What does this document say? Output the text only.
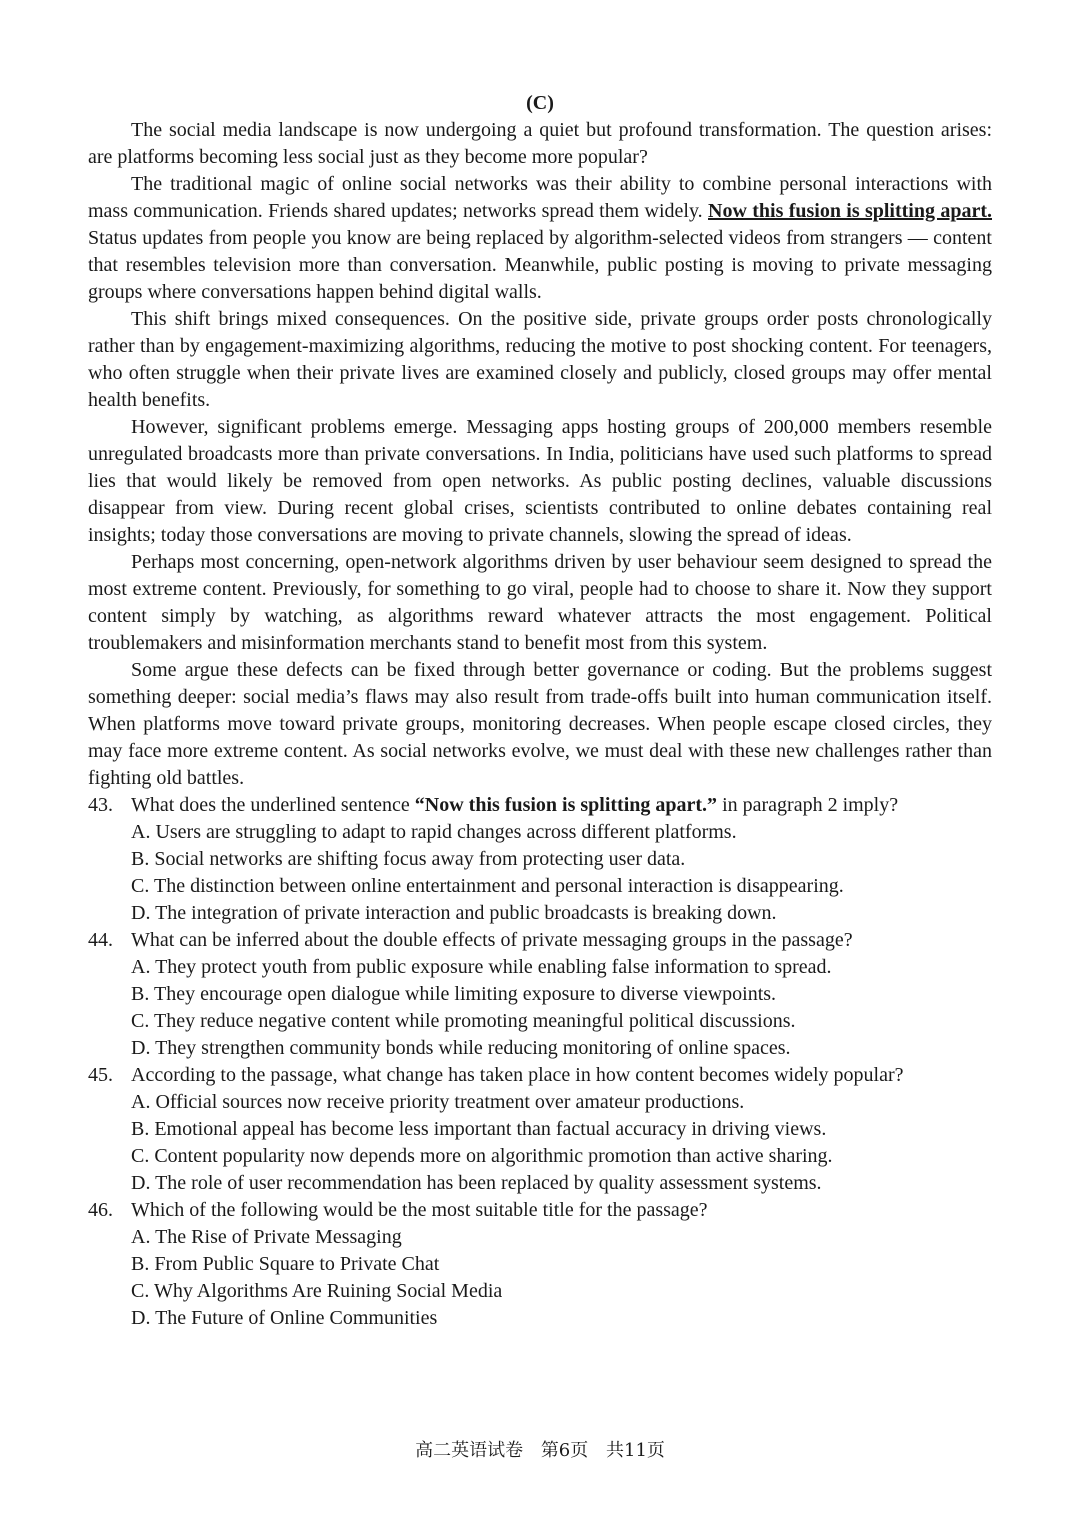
(C)

The social media landscape is now undergoing a quiet but profound transformation. The question arises: are platforms becoming less social just as they become more popular?

The traditional magic of online social networks was their ability to combine personal interactions with mass communication. Friends shared updates; networks spread them widely. Now this fusion is splitting apart. Status updates from people you know are being replaced by algorithm-selected videos from strangers — content that resembles television more than conversation. Meanwhile, public posting is moving to private messaging groups where conversations happen behind digital walls.

This shift brings mixed consequences. On the positive side, private groups order posts chronologically rather than by engagement-maximizing algorithms, reducing the motive to post shocking content. For teenagers, who often struggle when their private lives are examined closely and publicly, closed groups may offer mental health benefits.

However, significant problems emerge. Messaging apps hosting groups of 200,000 members resemble unregulated broadcasts more than private conversations. In India, politicians have used such platforms to spread lies that would likely be removed from open networks. As public posting declines, valuable discussions disappear from view. During recent global crises, scientists contributed to online debates containing real insights; today those conversations are moving to private channels, slowing the spread of ideas.

Perhaps most concerning, open-network algorithms driven by user behaviour seem designed to spread the most extreme content. Previously, for something to go viral, people had to choose to share it. Now they support content simply by watching, as algorithms reward whatever attracts the most engagement. Political troublemakers and misinformation merchants stand to benefit most from this system.

Some argue these defects can be fixed through better governance or coding. But the problems suggest something deeper: social media’s flaws may also result from trade-offs built into human communication itself. When platforms move toward private groups, monitoring decreases. When people escape closed circles, they may face more extreme content. As social networks evolve, we must deal with these new challenges rather than fighting old battles.

43. What does the underlined sentence “Now this fusion is splitting apart.” in paragraph 2 imply?

A. Users are struggling to adapt to rapid changes across different platforms.

B. Social networks are shifting focus away from protecting user data.

C. The distinction between online entertainment and personal interaction is disappearing.

D. The integration of private interaction and public broadcasts is breaking down.

44. What can be inferred about the double effects of private messaging groups in the passage?

A. They protect youth from public exposure while enabling false information to spread.

B. They encourage open dialogue while limiting exposure to diverse viewpoints.

C. They reduce negative content while promoting meaningful political discussions.

D. They strengthen community bonds while reducing monitoring of online spaces.

45. According to the passage, what change has taken place in how content becomes widely popular?

A. Official sources now receive priority treatment over amateur productions.

B. Emotional appeal has become less important than factual accuracy in driving views.

C. Content popularity now depends more on algorithmic promotion than active sharing.

D. The role of user recommendation has been replaced by quality assessment systems.

46. Which of the following would be the most suitable title for the passage?

A. The Rise of Private Messaging

B. From Public Square to Private Chat

C. Why Algorithms Are Ruining Social Media

D. The Future of Online Communities

高二英语试卷 第6页 共11页
